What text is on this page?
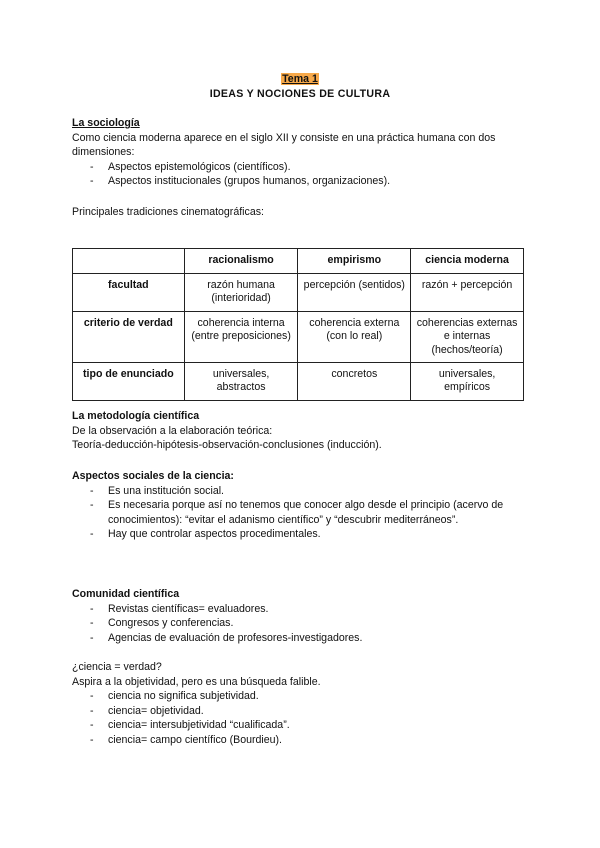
Tema 1
IDEAS Y NOCIONES DE CULTURA
La sociología

Como ciencia moderna aparece en el siglo XII y consiste en una práctica humana con dos dimensiones:

- Aspectos epistemológicos (científicos).
- Aspectos institucionales (grupos humanos, organizaciones).
Principales tradiciones cinematográficas:
	racionalismo	empirismo	ciencia moderna
facultad	razón humana (interioridad)	percepción (sentidos)	razón + percepción
criterio de verdad	coherencia interna (entre preposiciones)	coherencia externa (con lo real)	coherencias externas e internas (hechos/teoría)
tipo de enunciado	universales, abstractos	concretos	universales, empíricos
La metodología científica

De la observación a la elaboración teórica:

Teoría-deducción-hipótesis-observación-conclusiones (inducción).

Aspectos sociales de la ciencia:
- Es una institución social.
- Es necesaria porque así no tenemos que conocer algo desde el principio (acervo de conocimientos): “evitar el adanismo científico” y “descubrir mediterráneos”.
- Hay que controlar aspectos procedimentales.
Comunidad científica
- Revistas científicas= evaluadores.
- Congresos y conferencias.
- Agencias de evaluación de profesores-investigadores.

¿ciencia = verdad?

Aspira a la objetividad, pero es una búsqueda falible.

- ciencia no significa subjetividad.
- ciencia= objetividad.
- ciencia= intersubjetividad “cualificada”.
- ciencia= campo científico (Bourdieu).
